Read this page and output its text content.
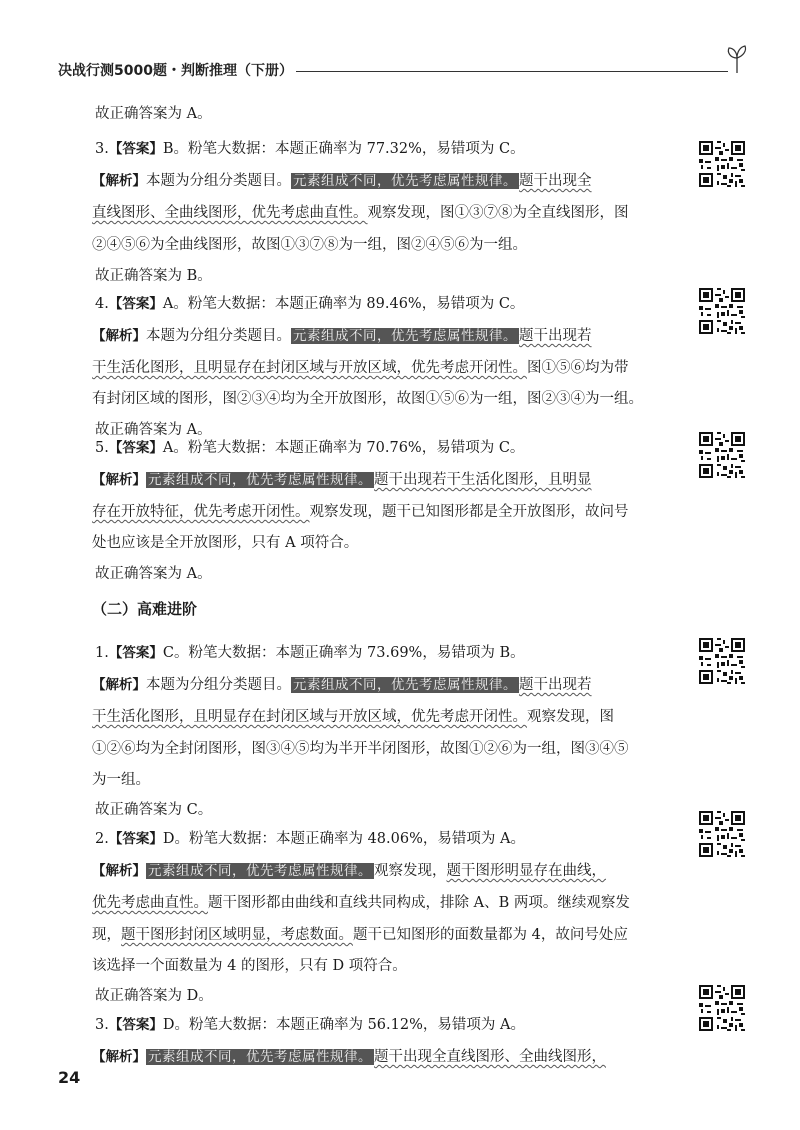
决战行测5000题・判断推理（下册）
故正确答案为 A。
3.【答案】B。粉笔大数据：本题正确率为 77.32%，易错项为 C。
【解析】本题为分组分类题目。 元素组成不同，优先考虑属性规律。 题干出现全
直线图形、全曲线图形，优先考虑曲直性。观察发现，图①③⑦⑧为全直线图形，图
②④⑤⑥为全曲线图形，故图①③⑦⑧为一组，图②④⑤⑥为一组。
故正确答案为 B。
4.【答案】A。粉笔大数据：本题正确率为 89.46%，易错项为 C。
【解析】本题为分组分类题目。 元素组成不同，优先考虑属性规律。 题干出现若
干生活化图形，且明显存在封闭区域与开放区域，优先考虑开闭性。图①⑤⑥均为带
有封闭区域的图形，图②③④均为全开放图形，故图①⑤⑥为一组，图②③④为一组。
故正确答案为 A。
5.【答案】A。粉笔大数据：本题正确率为 70.76%，易错项为 C。
【解析】 元素组成不同，优先考虑属性规律。 题干出现若干生活化图形，且明显
存在开放特征，优先考虑开闭性。观察发现，题干已知图形都是全开放图形，故问号
处也应该是全开放图形，只有 A 项符合。
故正确答案为 A。
（二）高难进阶
1.【答案】C。粉笔大数据：本题正确率为 73.69%，易错项为 B。
【解析】本题为分组分类题目。 元素组成不同，优先考虑属性规律。 题干出现若
干生活化图形，且明显存在封闭区域与开放区域，优先考虑开闭性。观察发现，图
①②⑥均为全封闭图形，图③④⑤均为半开半闭图形，故图①②⑥为一组，图③④⑤
为一组。
故正确答案为 C。
2.【答案】D。粉笔大数据：本题正确率为 48.06%，易错项为 A。
【解析】 元素组成不同，优先考虑属性规律。 观察发现，题干图形明显存在曲线，
优先考虑曲直性。题干图形都由曲线和直线共同构成，排除 A、B 两项。继续观察发
现，题干图形封闭区域明显，考虑数面。题干已知图形的面数量都为 4，故问号处应
该选择一个面数量为 4 的图形，只有 D 项符合。
故正确答案为 D。
3.【答案】D。粉笔大数据：本题正确率为 56.12%，易错项为 A。
【解析】 元素组成不同，优先考虑属性规律。 题干出现全直线图形、全曲线图形，
24
